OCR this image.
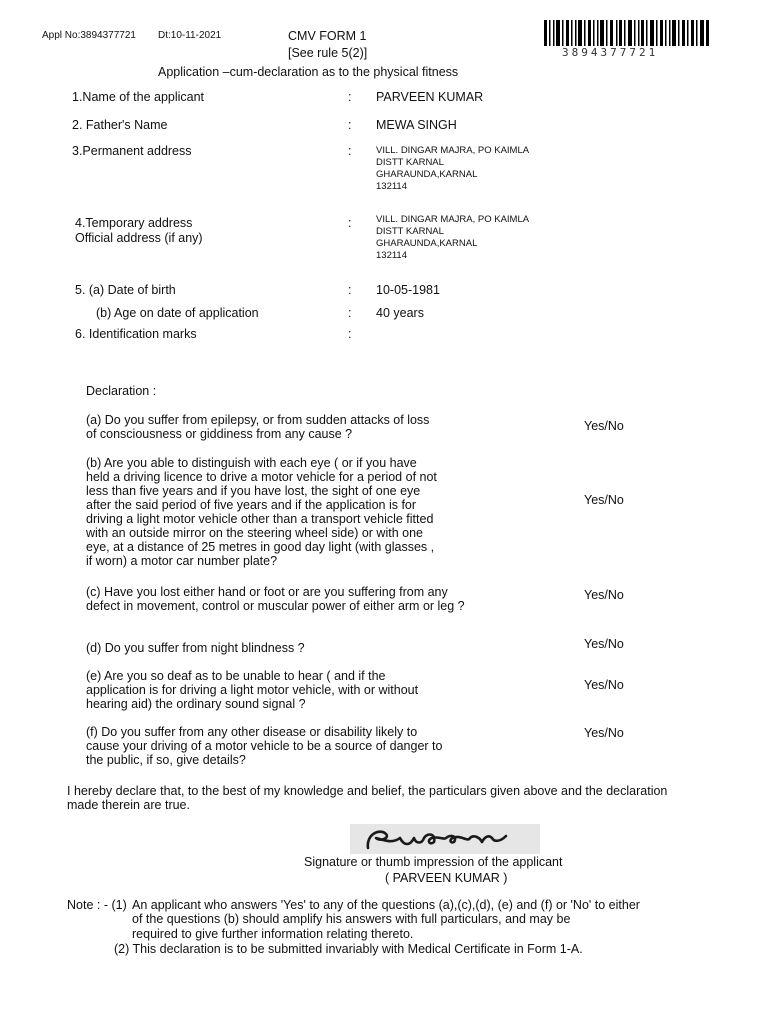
Appl No:3894377721 Dt:10-11-2021	CMV FORM 1
[See rule 5(2)]
Application –cum-declaration as to the physical fitness
3894377721
1.Name of the applicant	: PARVEEN KUMAR
2. Father's Name	: MEWA SINGH
3.Permanent address	:	VILL. DINGAR MAJRA, PO KAIMLA
DISTT KARNAL
GHARAUNDA,KARNAL
132114
4.Temporary address
Official address (if any)
:	VILL. DINGAR MAJRA, PO KAIMLA
DISTT KARNAL
GHARAUNDA,KARNAL
132114
5. (a) Date of birth	: 10-05-1981
(b) Age on date of application	: 40 years
6. Identification marks	:
Declaration :
(a) Do you suffer from epilepsy, or from sudden attacks of loss of consciousness or giddiness from any cause ?
Yes/No
(b) Are you able to distinguish with each eye ( or if you have held a driving licence to drive a motor vehicle for a period of not less than five years and if you have lost, the sight of one eye after the said period of five years and if the application is for driving a light motor vehicle other than a transport vehicle fitted with an outside mirror on the steering wheel side) or with one eye, at a distance of 25 metres in good day light (with glasses , if worn) a motor car number plate?
Yes/No
(c) Have you lost either hand or foot or are you suffering from any defect in movement, control or muscular power of either arm or leg ?
Yes/No
(d) Do you suffer from night blindness ?	Yes/No
(e) Are you so deaf as to be unable to hear ( and if the application is for driving a light motor vehicle, with or without hearing aid) the ordinary sound signal ?
Yes/No
(f) Do you suffer from any other disease or disability likely to cause your driving of a motor vehicle to be a source of danger to the public, if so, give details?
Yes/No
I hereby declare that, to the best of my knowledge and belief, the particulars given above and the declaration made therein are true.
Signature or thumb impression of the applicant
( PARVEEN KUMAR )
Note : - (1) An applicant who answers 'Yes' to any of the questions (a),(c),(d), (e) and (f) or 'No' to either
of the questions (b) should amplify his answers with full particulars, and may be
required to give further information relating thereto.
(2) This declaration is to be submitted invariably with Medical Certificate in Form 1-A.
